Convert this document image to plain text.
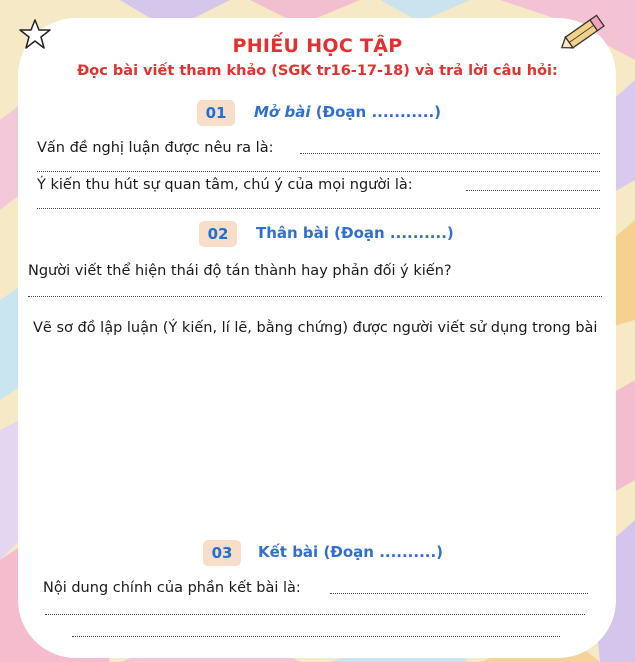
PHIẾU HỌC TẬP
Đọc bài viết tham khảo (SGK tr16-17-18) và trả lời câu hỏi:
01	Mở bài (Đoạn ...........)
Vấn đề nghị luận được nêu ra là:
Ý kiến thu hút sự quan tâm, chú ý của mọi người là:
02	Thân bài (Đoạn ..........)
Người viết thể hiện thái độ tán thành hay phản đối ý kiến?
Vẽ sơ đồ lập luận (Ý kiến, lí lẽ, bằng chứng) được người viết sử dụng trong bài
03	Kết bài (Đoạn ..........)
Nội dung chính của phần kết bài là:
